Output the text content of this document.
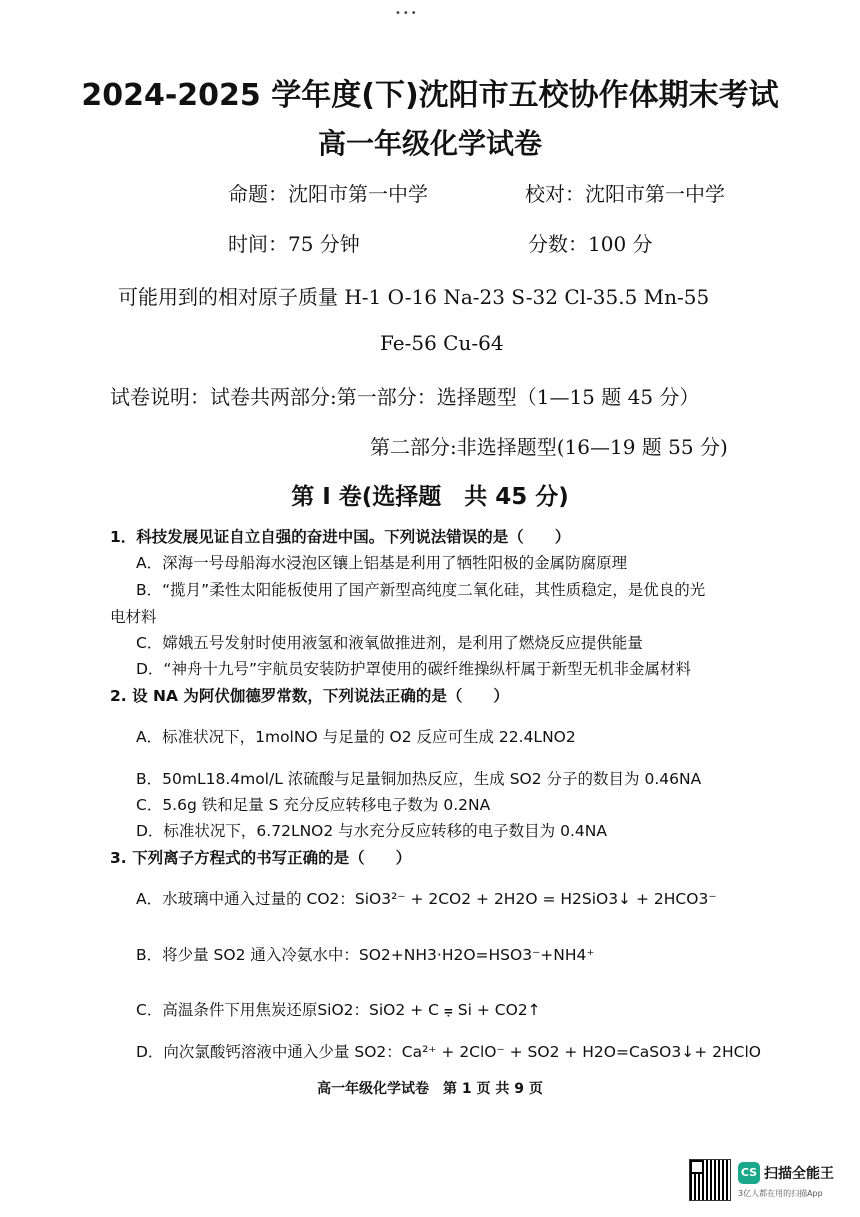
•••
2024-2025 学年度(下)沈阳市五校协作体期末考试
高一年级化学试卷
命题：沈阳市第一中学	校对：沈阳市第一中学
时间：75 分钟	分数：100 分
可能用到的相对原子质量 H-1 O-16 Na-23 S-32 Cl-35.5 Mn-55
Fe-56 Cu-64
试卷说明：试卷共两部分:第一部分：选择题型（1—15 题 45 分）
第二部分:非选择题型(16—19 题 55 分)
第 I 卷(选择题　共 45 分)
1．科技发展见证自立自强的奋进中国。下列说法错误的是（　　）
A．深海一号母船海水浸泡区镶上铝基是利用了牺牲阳极的金属防腐原理
B．“揽月”柔性太阳能板使用了国产新型高纯度二氧化硅，其性质稳定，是优良的光
电材料
C．嫦娥五号发射时使用液氢和液氧做推进剂，是利用了燃烧反应提供能量
D．“神舟十九号”宇航员安装防护罩使用的碳纤维操纵杆属于新型无机非金属材料
2. 设 NA 为阿伏伽德罗常数，下列说法正确的是（　　）
A．标准状况下，1molNO 与足量的 O2 反应可生成 22.4LNO2
B．50mL18.4mol/L 浓硫酸与足量铜加热反应，生成 SO2 分子的数目为 0.46NA
C．5.6g 铁和足量 S 充分反应转移电子数为 0.2NA
D．标准状况下，6.72LNO2 与水充分反应转移的电子数目为 0.4NA
3. 下列离子方程式的书写正确的是（　　）
A．水玻璃中通入过量的 CO2：SiO3²⁻ + 2CO2 + 2H2O = H2SiO3↓ + 2HCO3⁻
B．将少量 SO2 通入冷氨水中：SO2+NH3·H2O=HSO3⁻+NH4⁺
C．高温条件下用焦炭还原SiO2：SiO2 + C ⩦ Si + CO2↑
D．向次氯酸钙溶液中通入少量 SO2：Ca²⁺ + 2ClO⁻ + SO2 + H2O=CaSO3↓+ 2HClO
高一年级化学试卷　第 1 页 共 9 页
CS 扫描全能王
3亿人都在用的扫描App
